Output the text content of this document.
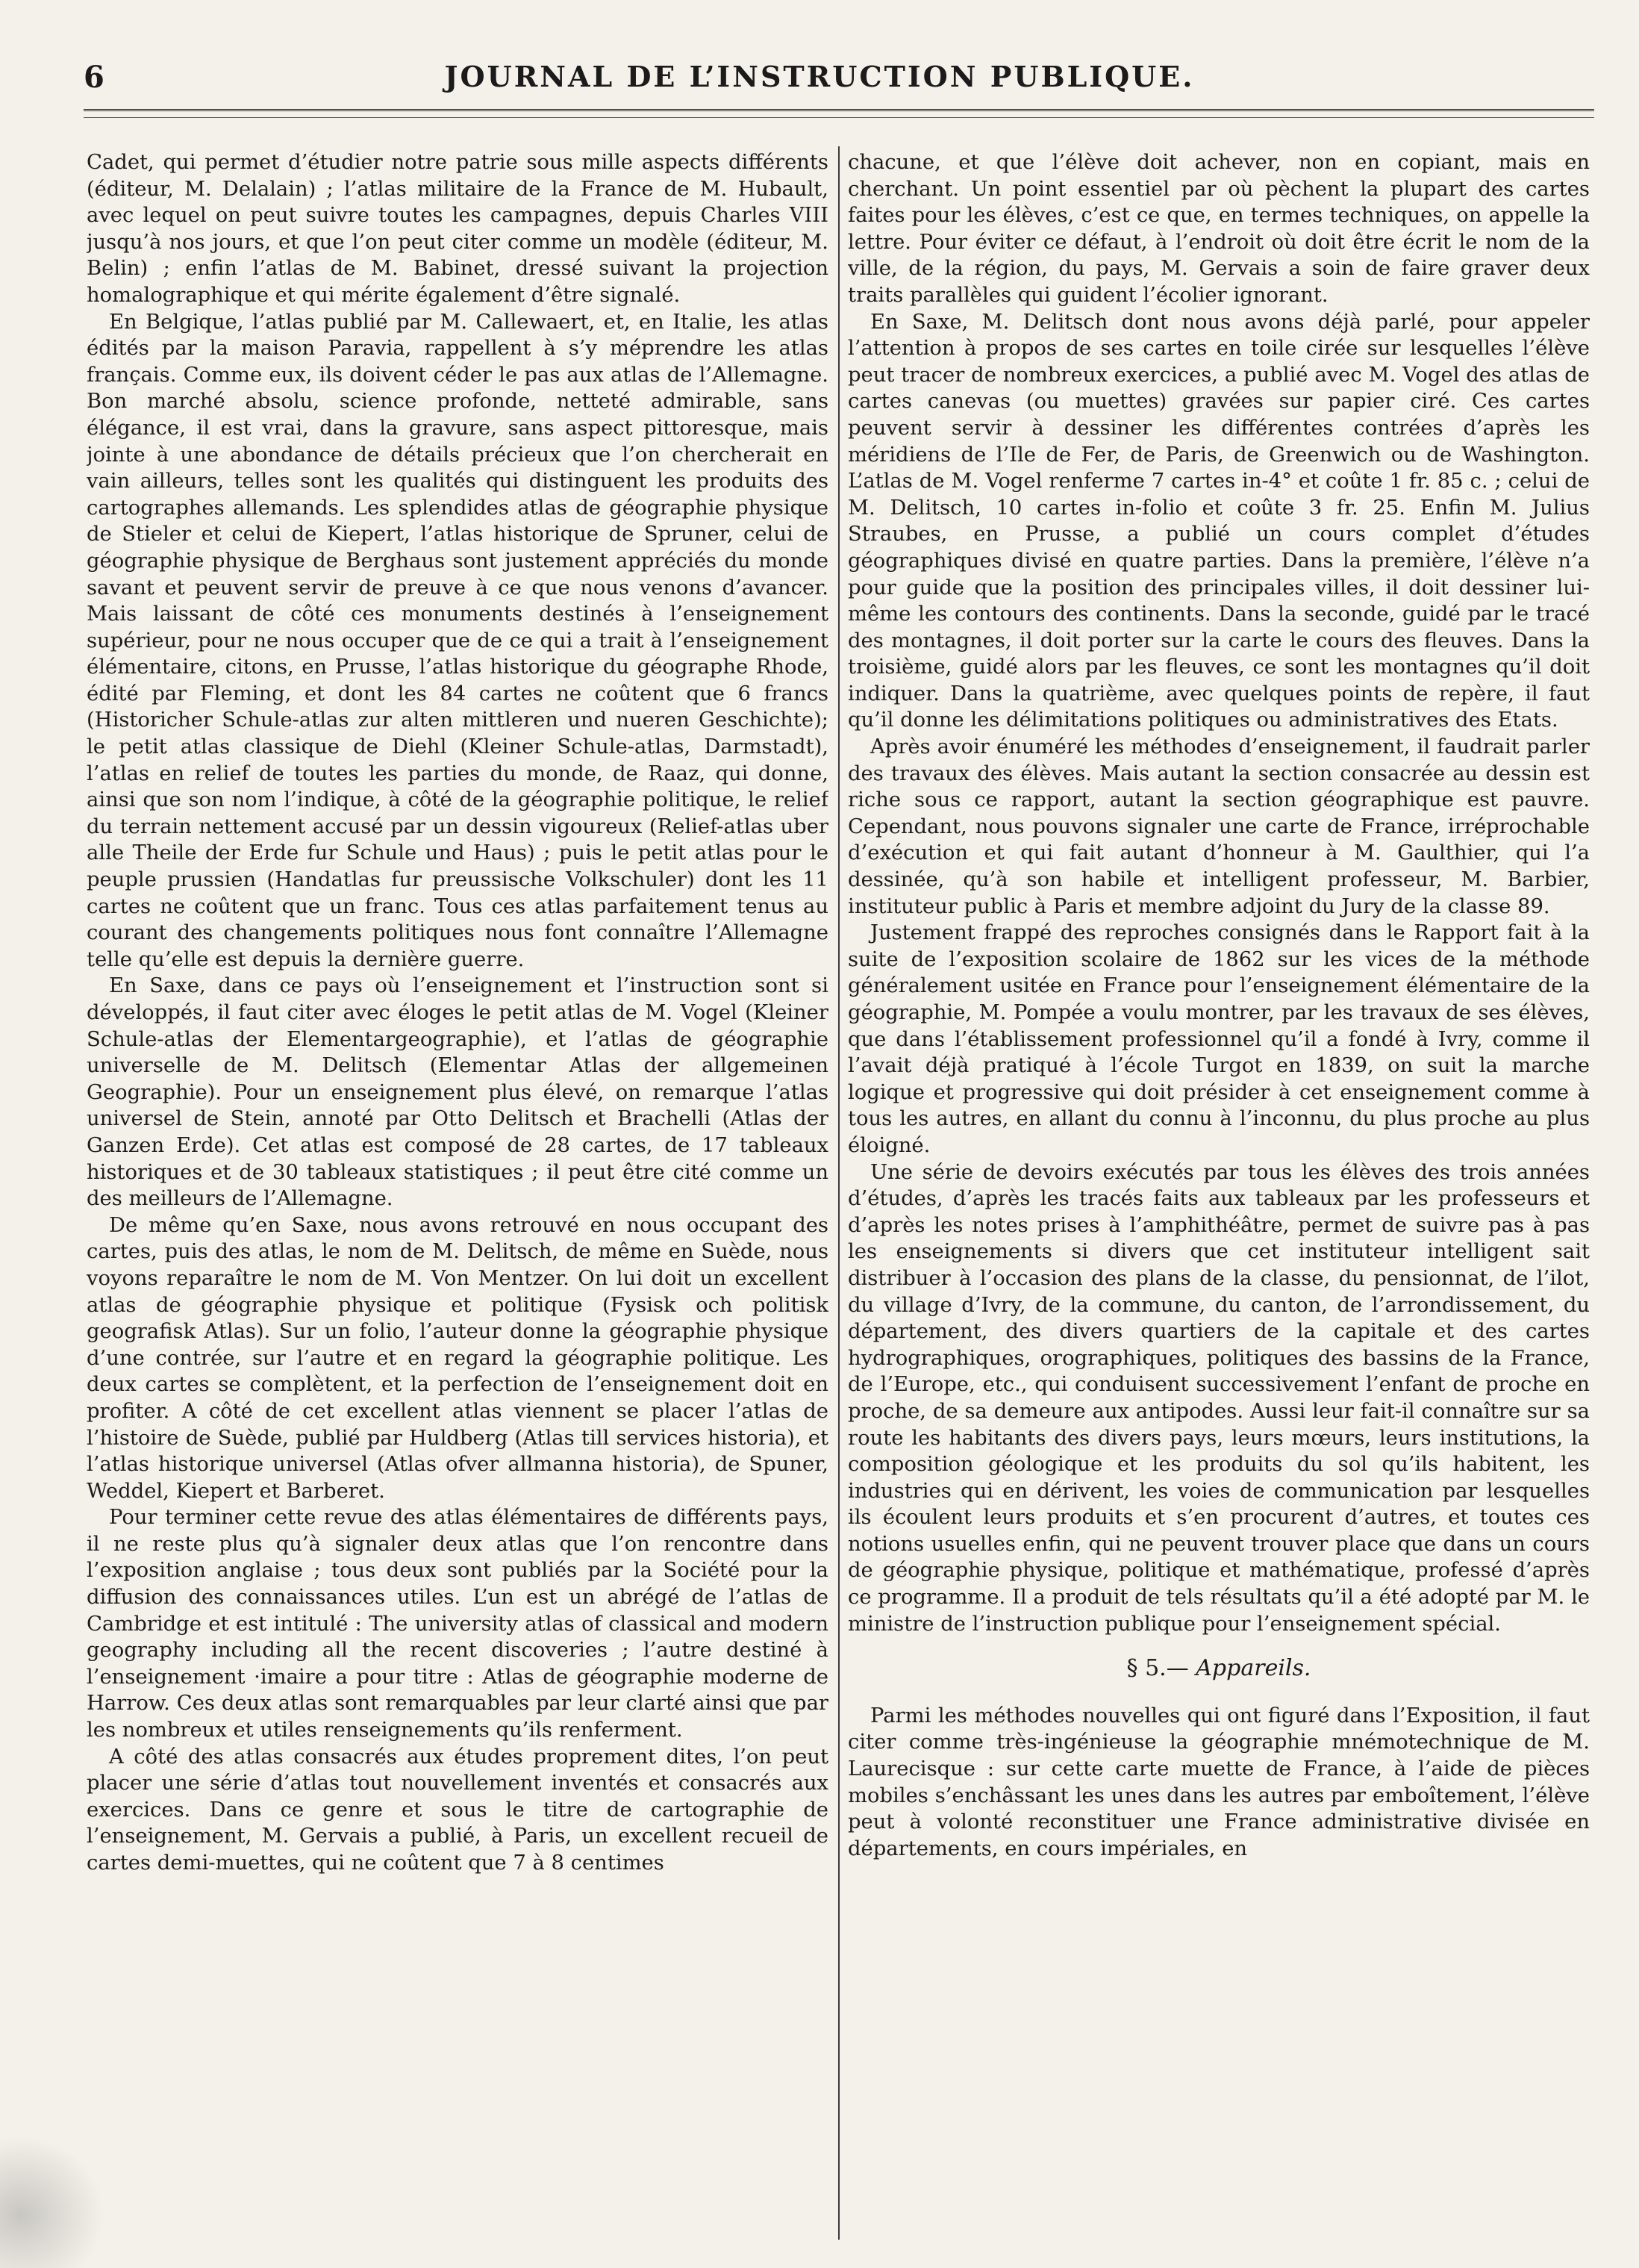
6	JOURNAL DE L’INSTRUCTION PUBLIQUE.

Cadet, qui permet d’étudier notre patrie sous mille aspects différents (éditeur, M. Delalain) ; l’atlas militaire de la France de M. Hubault, avec lequel on peut suivre toutes les campagnes, depuis Charles VIII jusqu’à nos jours, et que l’on peut citer comme un modèle (éditeur, M. Belin) ; enfin l’atlas de M. Babinet, dressé suivant la projection homalographique et qui mérite également d’être signalé.

En Belgique, l’atlas publié par M. Callewaert, et, en Italie, les atlas édités par la maison Paravia, rappellent à s’y méprendre les atlas français. Comme eux, ils doivent céder le pas aux atlas de l’Allemagne. Bon marché absolu, science profonde, netteté admirable, sans élégance, il est vrai, dans la gravure, sans aspect pittoresque, mais jointe à une abondance de détails précieux que l’on chercherait en vain ailleurs, telles sont les qualités qui distinguent les produits des cartographes allemands. Les splendides atlas de géographie physique de Stieler et celui de Kiepert, l’atlas historique de Spruner, celui de géographie physique de Berghaus sont justement appréciés du monde savant et peuvent servir de preuve à ce que nous venons d’avancer. Mais laissant de côté ces monuments destinés à l’enseignement supérieur, pour ne nous occuper que de ce qui a trait à l’enseignement élémentaire, citons, en Prusse, l’atlas historique du géographe Rhode, édité par Fleming, et dont les 84 cartes ne coûtent que 6 francs (Historicher Schule-atlas zur alten mittleren und nueren Geschichte); le petit atlas classique de Diehl (Kleiner Schule-atlas, Darmstadt), l’atlas en relief de toutes les parties du monde, de Raaz, qui donne, ainsi que son nom l’indique, à côté de la géographie politique, le relief du terrain nettement accusé par un dessin vigoureux (Relief-atlas uber alle Theile der Erde fur Schule und Haus) ; puis le petit atlas pour le peuple prussien (Handatlas fur preussische Volkschuler) dont les 11 cartes ne coûtent que un franc. Tous ces atlas parfaitement tenus au courant des changements politiques nous font connaître l’Allemagne telle qu’elle est depuis la dernière guerre.

En Saxe, dans ce pays où l’enseignement et l’instruction sont si développés, il faut citer avec éloges le petit atlas de M. Vogel (Kleiner Schule-atlas der Elementargeographie), et l’atlas de géographie universelle de M. Delitsch (Elementar Atlas der allgemeinen Geographie). Pour un enseignement plus élevé, on remarque l’atlas universel de Stein, annoté par Otto Delitsch et Brachelli (Atlas der Ganzen Erde). Cet atlas est composé de 28 cartes, de 17 tableaux historiques et de 30 tableaux statistiques ; il peut être cité comme un des meilleurs de l’Allemagne.

De même qu’en Saxe, nous avons retrouvé en nous occupant des cartes, puis des atlas, le nom de M. Delitsch, de même en Suède, nous voyons reparaître le nom de M. Von Mentzer. On lui doit un excellent atlas de géographie physique et politique (Fysisk och politisk geografisk Atlas). Sur un folio, l’auteur donne la géographie physique d’une contrée, sur l’autre et en regard la géographie politique. Les deux cartes se complètent, et la perfection de l’enseignement doit en profiter. A côté de cet excellent atlas viennent se placer l’atlas de l’histoire de Suède, publié par Huldberg (Atlas till services historia), et l’atlas historique universel (Atlas ofver allmanna historia), de Spuner, Weddel, Kiepert et Barberet.

Pour terminer cette revue des atlas élémentaires de différents pays, il ne reste plus qu’à signaler deux atlas que l’on rencontre dans l’exposition anglaise ; tous deux sont publiés par la Société pour la diffusion des connaissances utiles. L’un est un abrégé de l’atlas de Cambridge et est intitulé : The university atlas of classical and modern geography including all the recent discoveries ; l’autre destiné à l’enseignement ·imaire a pour titre : Atlas de géographie moderne de Harrow. Ces deux atlas sont remarquables par leur clarté ainsi que par les nombreux et utiles renseignements qu’ils renferment.

A côté des atlas consacrés aux études proprement dites, l’on peut placer une série d’atlas tout nouvellement inventés et consacrés aux exercices. Dans ce genre et sous le titre de cartographie de l’enseignement, M. Gervais a publié, à Paris, un excellent recueil de cartes demi-muettes, qui ne coûtent que 7 à 8 centimes

chacune, et que l’élève doit achever, non en copiant, mais en cherchant. Un point essentiel par où pèchent la plupart des cartes faites pour les élèves, c’est ce que, en termes techniques, on appelle la lettre. Pour éviter ce défaut, à l’endroit où doit être écrit le nom de la ville, de la région, du pays, M. Gervais a soin de faire graver deux traits parallèles qui guident l’écolier ignorant.

En Saxe, M. Delitsch dont nous avons déjà parlé, pour appeler l’attention à propos de ses cartes en toile cirée sur lesquelles l’élève peut tracer de nombreux exercices, a publié avec M. Vogel des atlas de cartes canevas (ou muettes) gravées sur papier ciré. Ces cartes peuvent servir à dessiner les différentes contrées d’après les méridiens de l’Ile de Fer, de Paris, de Greenwich ou de Washington. L’atlas de M. Vogel renferme 7 cartes in-4° et coûte 1 fr. 85 c. ; celui de M. Delitsch, 10 cartes in-folio et coûte 3 fr. 25. Enfin M. Julius Straubes, en Prusse, a publié un cours complet d’études géographiques divisé en quatre parties. Dans la première, l’élève n’a pour guide que la position des principales villes, il doit dessiner lui-même les contours des continents. Dans la seconde, guidé par le tracé des montagnes, il doit porter sur la carte le cours des fleuves. Dans la troisième, guidé alors par les fleuves, ce sont les montagnes qu’il doit indiquer. Dans la quatrième, avec quelques points de repère, il faut qu’il donne les délimitations politiques ou administratives des Etats.

Après avoir énuméré les méthodes d’enseignement, il faudrait parler des travaux des élèves. Mais autant la section consacrée au dessin est riche sous ce rapport, autant la section géographique est pauvre. Cependant, nous pouvons signaler une carte de France, irréprochable d’exécution et qui fait autant d’honneur à M. Gaulthier, qui l’a dessinée, qu’à son habile et intelligent professeur, M. Barbier, instituteur public à Paris et membre adjoint du Jury de la classe 89.

Justement frappé des reproches consignés dans le Rapport fait à la suite de l’exposition scolaire de 1862 sur les vices de la méthode généralement usitée en France pour l’enseignement élémentaire de la géographie, M. Pompée a voulu montrer, par les travaux de ses élèves, que dans l’établissement professionnel qu’il a fondé à Ivry, comme il l’avait déjà pratiqué à l’école Turgot en 1839, on suit la marche logique et progressive qui doit présider à cet enseignement comme à tous les autres, en allant du connu à l’inconnu, du plus proche au plus éloigné.

Une série de devoirs exécutés par tous les élèves des trois années d’études, d’après les tracés faits aux tableaux par les professeurs et d’après les notes prises à l’amphithéâtre, permet de suivre pas à pas les enseignements si divers que cet instituteur intelligent sait distribuer à l’occasion des plans de la classe, du pensionnat, de l’ilot, du village d’Ivry, de la commune, du canton, de l’arrondissement, du département, des divers quartiers de la capitale et des cartes hydrographiques, orographiques, politiques des bassins de la France, de l’Europe, etc., qui conduisent successivement l’enfant de proche en proche, de sa demeure aux antipodes. Aussi leur fait-il connaître sur sa route les habitants des divers pays, leurs mœurs, leurs institutions, la composition géologique et les produits du sol qu’ils habitent, les industries qui en dérivent, les voies de communication par lesquelles ils écoulent leurs produits et s’en procurent d’autres, et toutes ces notions usuelles enfin, qui ne peuvent trouver place que dans un cours de géographie physique, politique et mathématique, professé d’après ce programme. Il a produit de tels résultats qu’il a été adopté par M. le ministre de l’instruction publique pour l’enseignement spécial.

§ 5.— Appareils.

Parmi les méthodes nouvelles qui ont figuré dans l’Exposition, il faut citer comme très-ingénieuse la géographie mnémotechnique de M. Laurecisque : sur cette carte muette de France, à l’aide de pièces mobiles s’enchâssant les unes dans les autres par emboîtement, l’élève peut à volonté reconstituer une France administrative divisée en départements, en cours impériales, en
